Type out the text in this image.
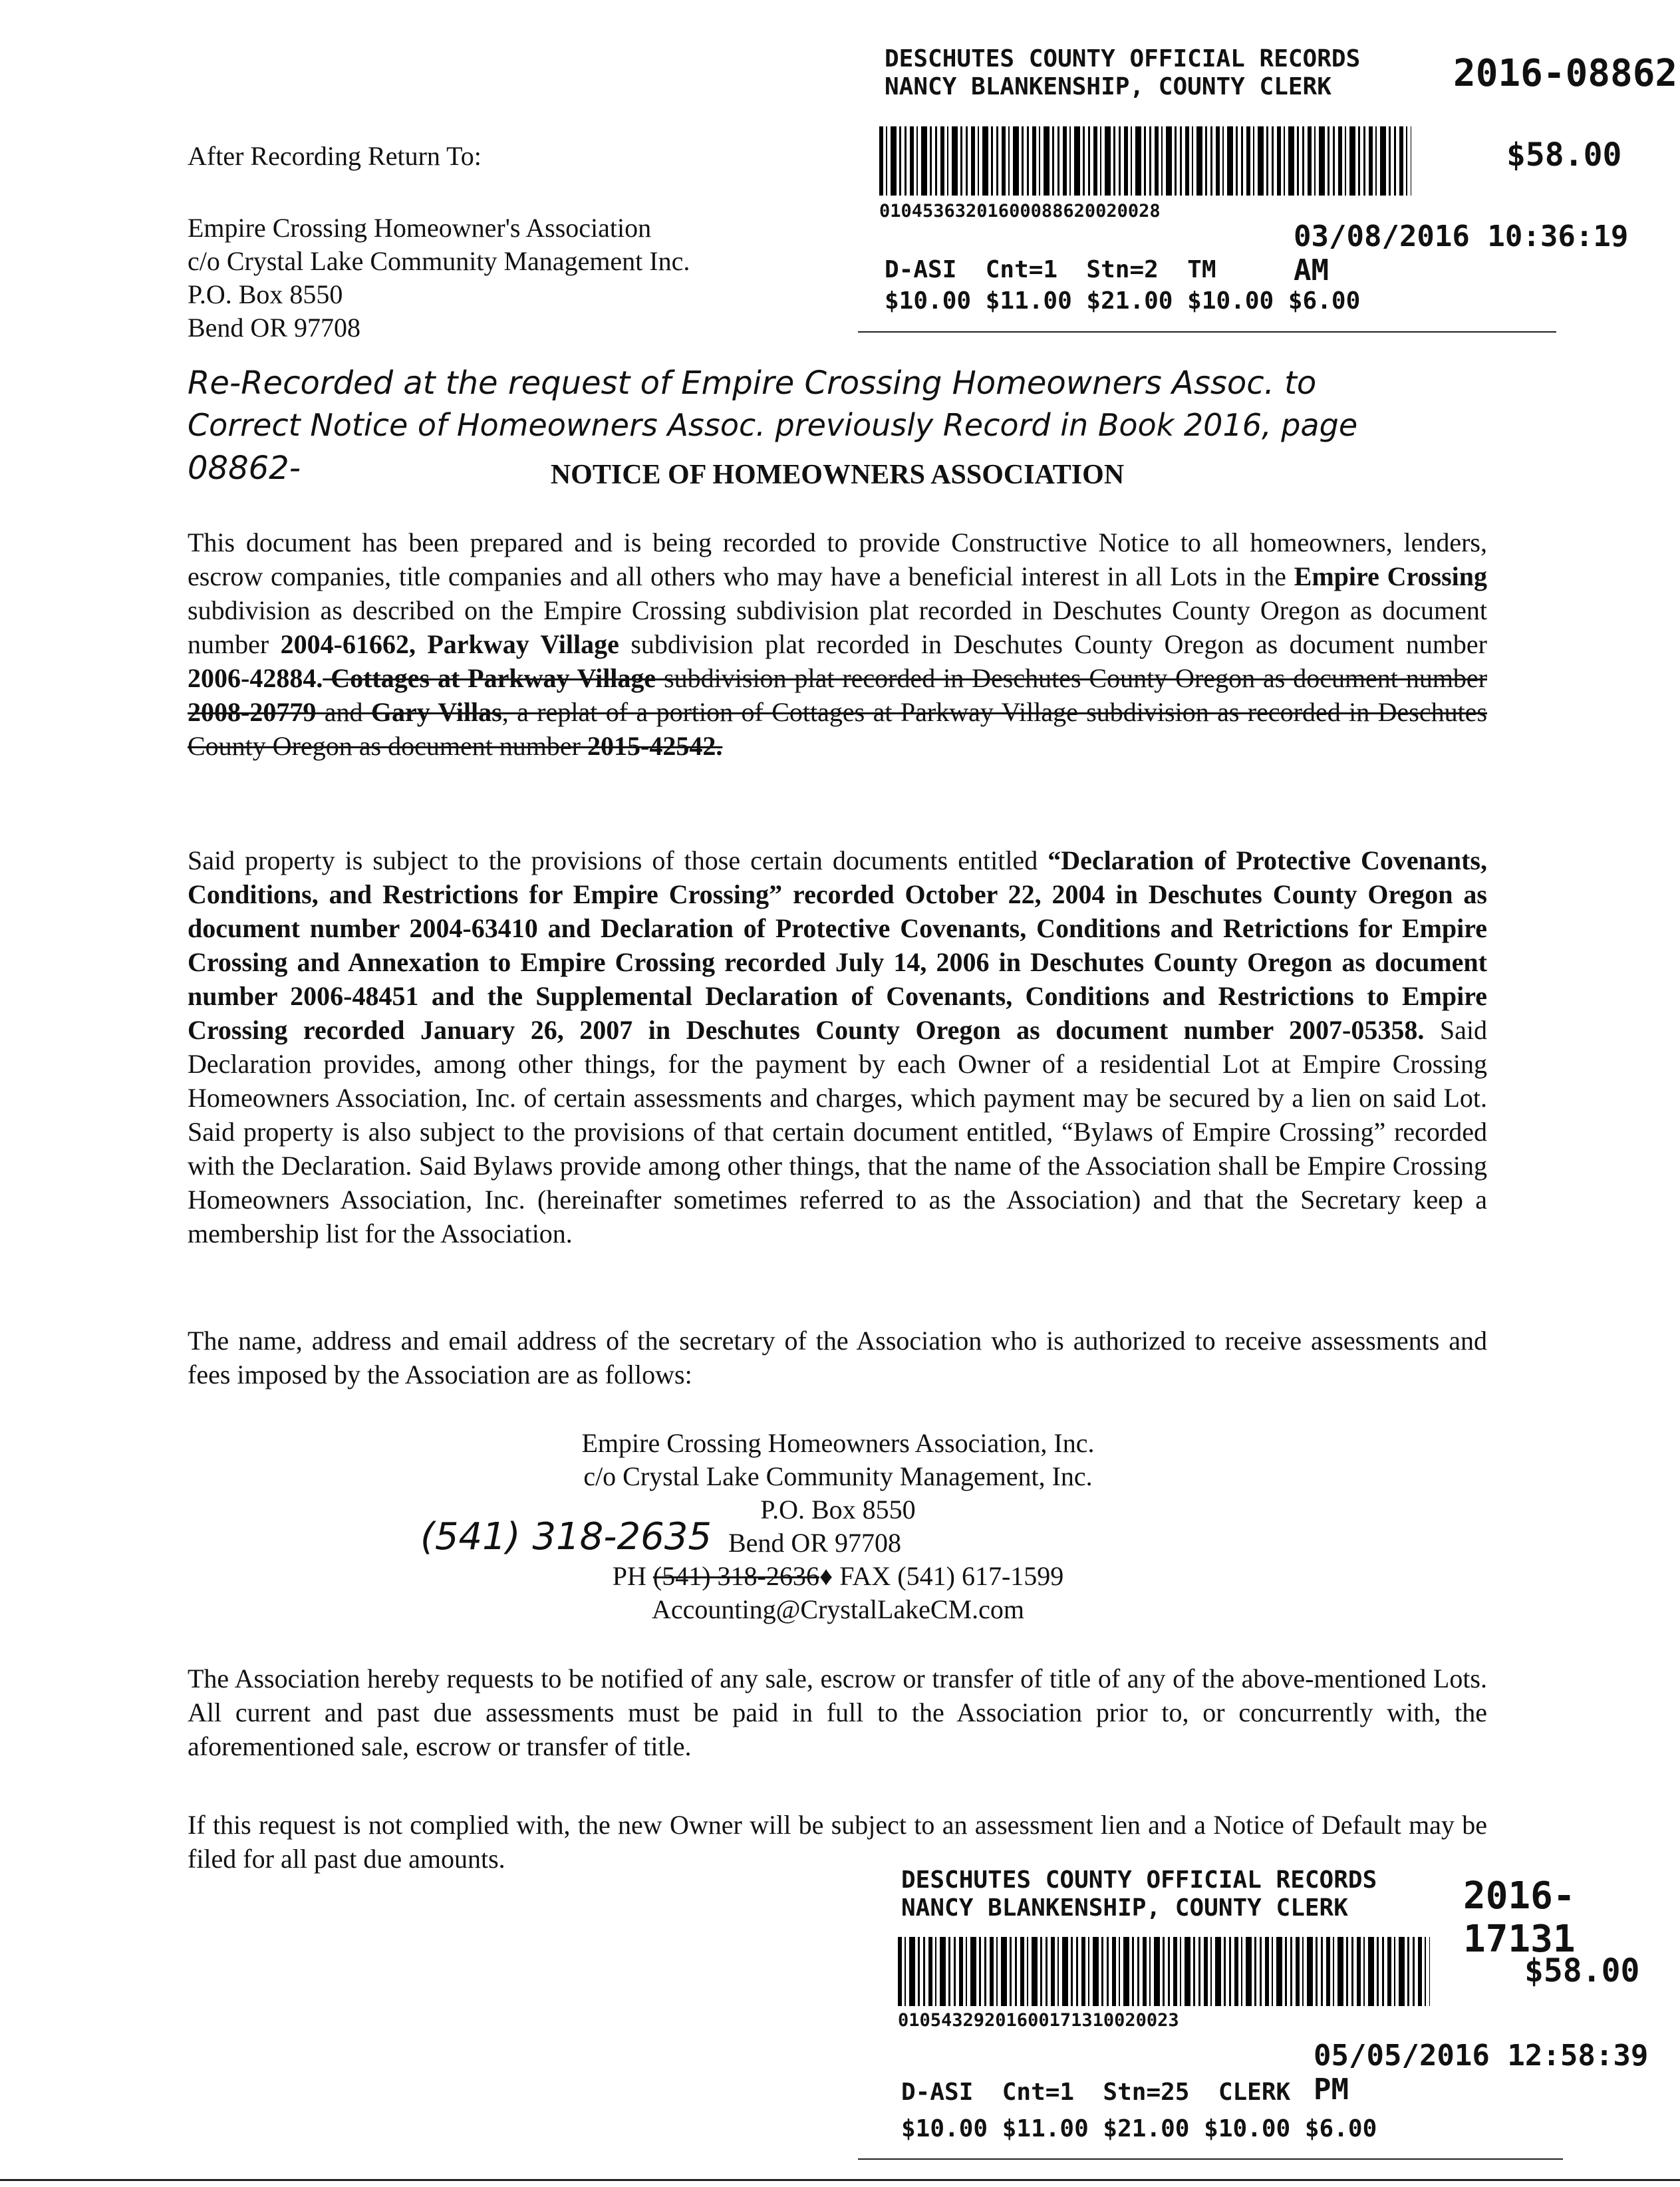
After Recording Return To:
Empire Crossing Homeowner's Association
c/o Crystal Lake Community Management Inc.
P.O. Box 8550
Bend OR 97708
DESCHUTES COUNTY OFFICIAL RECORDS
NANCY BLANKENSHIP, COUNTY CLERK	2016-08862
$58.00
01045363201600088620020028
03/08/2016 10:36:19 AM
D-ASI  Cnt=1  Stn=2  TM
$10.00 $11.00 $21.00 $10.00 $6.00
Re-Recorded at the request of Empire Crossing Homeowners Assoc. to
Correct Notice of Homeowners Assoc. previously Record in Book 2016, page
08862-	NOTICE OF HOMEOWNERS ASSOCIATION
This document has been prepared and is being recorded to provide Constructive Notice to all homeowners, lenders, escrow companies, title companies and all others who may have a beneficial interest in all Lots in the Empire Crossing subdivision as described on the Empire Crossing subdivision plat recorded in Deschutes County Oregon as document number 2004-61662, Parkway Village subdivision plat recorded in Deschutes County Oregon as document number 2006-42884. Cottages at Parkway Village subdivision plat recorded in Deschutes County Oregon as document number 2008-20779 and Gary Villas, a replat of a portion of Cottages at Parkway Village subdivision as recorded in Deschutes County Oregon as document number 2015-42542.
Said property is subject to the provisions of those certain documents entitled “Declaration of Protective Covenants, Conditions, and Restrictions for Empire Crossing” recorded October 22, 2004 in Deschutes County Oregon as document number 2004-63410 and Declaration of Protective Covenants, Conditions and Retrictions for Empire Crossing and Annexation to Empire Crossing recorded July 14, 2006 in Deschutes County Oregon as document number 2006-48451 and the Supplemental Declaration of Covenants, Conditions and Restrictions to Empire Crossing recorded January 26, 2007 in Deschutes County Oregon as document number 2007-05358. Said Declaration provides, among other things, for the payment by each Owner of a residential Lot at Empire Crossing Homeowners Association, Inc. of certain assessments and charges, which payment may be secured by a lien on said Lot. Said property is also subject to the provisions of that certain document entitled, “Bylaws of Empire Crossing” recorded with the Declaration. Said Bylaws provide among other things, that the name of the Association shall be Empire Crossing Homeowners Association, Inc. (hereinafter sometimes referred to as the Association) and that the Secretary keep a membership list for the Association.
The name, address and email address of the secretary of the Association who is authorized to receive assessments and fees imposed by the Association are as follows:
Empire Crossing Homeowners Association, Inc.
c/o Crystal Lake Community Management, Inc.
P.O. Box 8550
(541) 318-2635 Bend OR 97708
PH (541) 318-2636♦ FAX (541) 617-1599
Accounting@CrystalLakeCM.com
The Association hereby requests to be notified of any sale, escrow or transfer of title of any of the above-mentioned Lots. All current and past due assessments must be paid in full to the Association prior to, or concurrently with, the aforementioned sale, escrow or transfer of title.
If this request is not complied with, the new Owner will be subject to an assessment lien and a Notice of Default may be filed for all past due amounts.
DESCHUTES COUNTY OFFICIAL RECORDS
NANCY BLANKENSHIP, COUNTY CLERK	2016-17131
$58.00
01054329201600171310020023
05/05/2016 12:58:39 PM
D-ASI  Cnt=1  Stn=25  CLERK
$10.00 $11.00 $21.00 $10.00 $6.00
